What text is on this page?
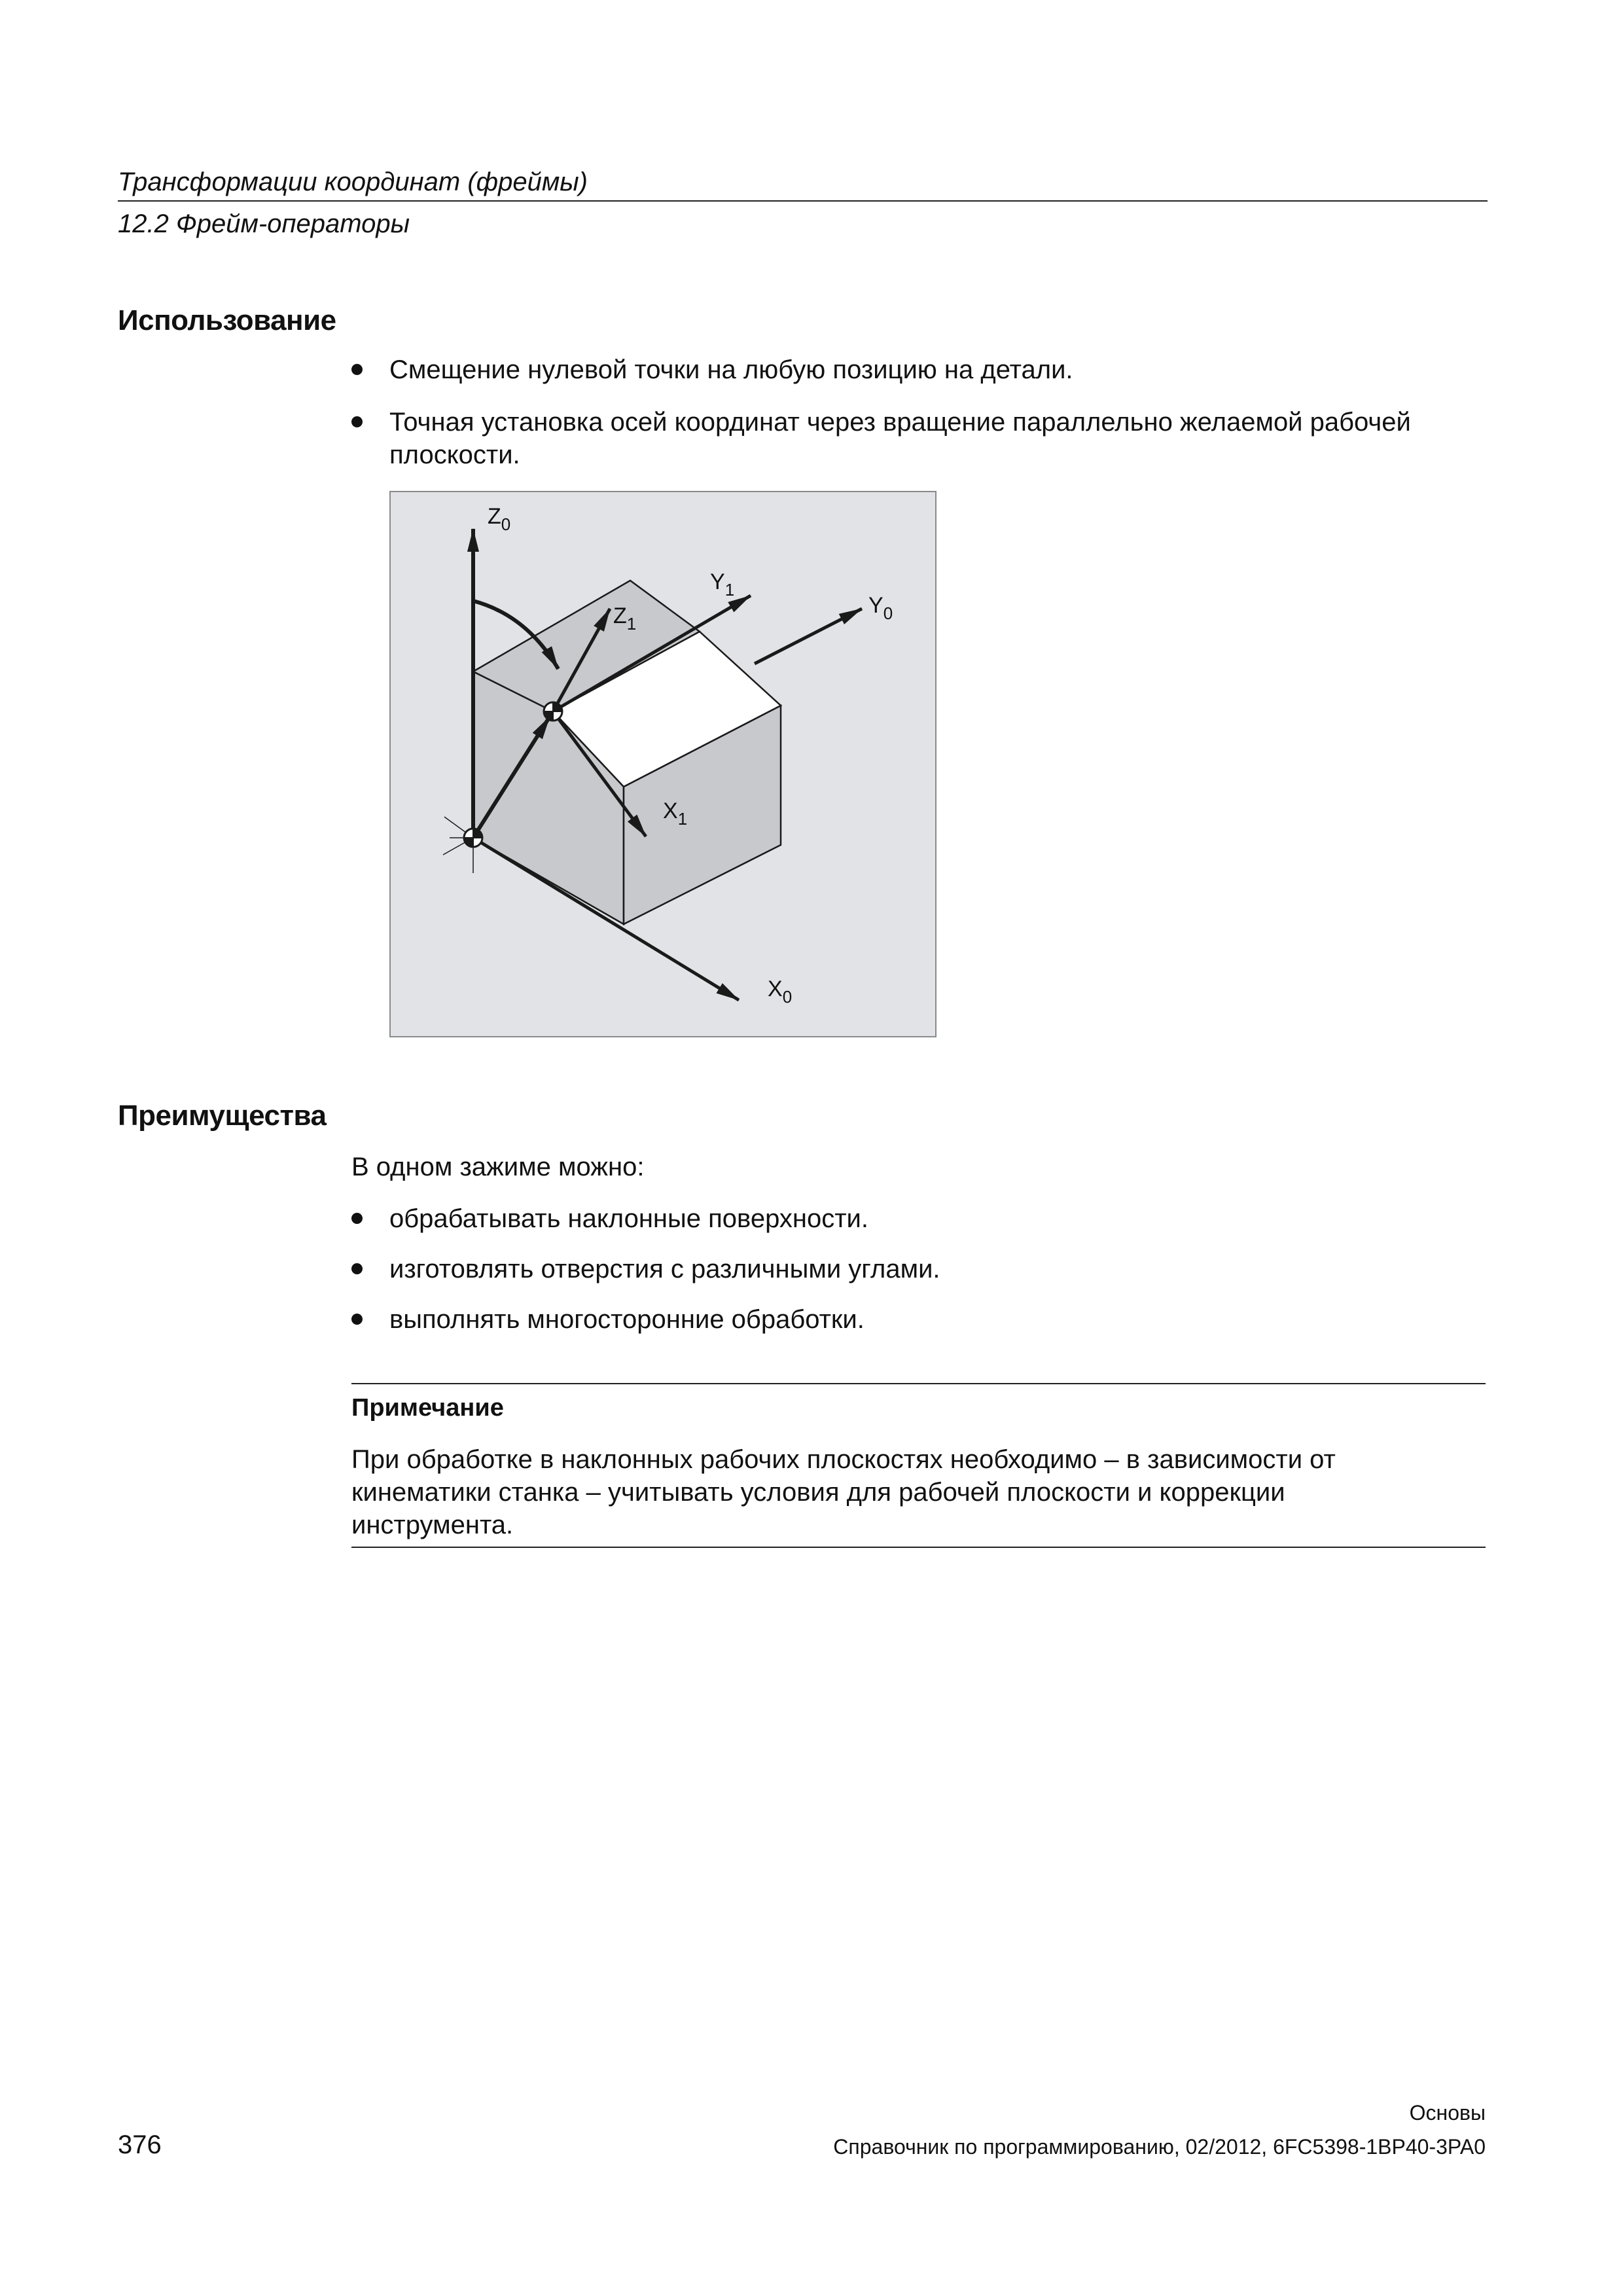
Трансформации координат (фреймы)
12.2 Фрейм-операторы
Использование
Смещение нулевой точки на любую позицию на детали.
Точная установка осей координат через вращение параллельно желаемой рабочей
плоскости.
$Z_0$
$Y_1$
$Y_0$
$Z_1$
$X_1$
$X_0$
Преимущества
В одном зажиме можно:
обрабатывать наклонные поверхности.
изготовлять отверстия с различными углами.
выполнять многосторонние обработки.
Примечание
При обработке в наклонных рабочих плоскостях необходимо – в зависимости от
кинематики станка – учитывать условия для рабочей плоскости и коррекции
инструмента.
Основы
376	Справочник по программированию, 02/2012, 6FC5398-1BP40-3PA0
